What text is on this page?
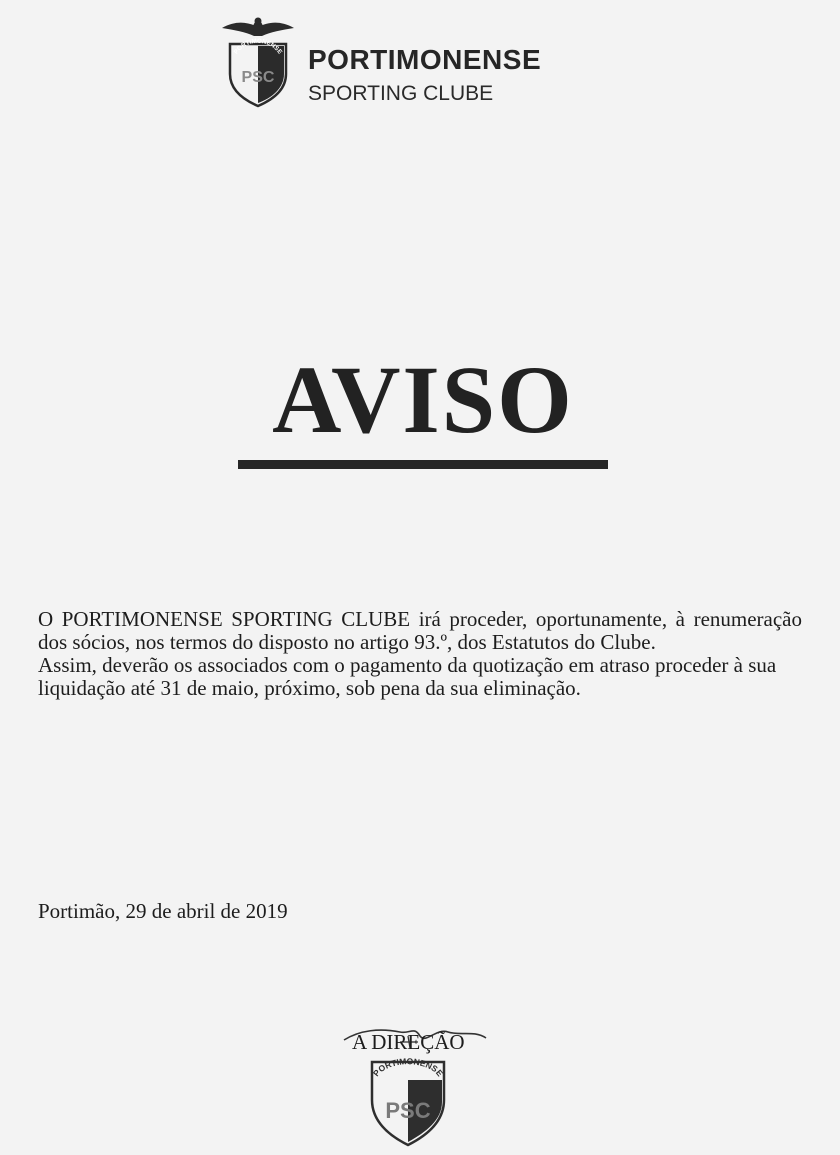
PORTIMONENSE
PSC
PORTIMONENSE
SPORTING CLUBE
AVISO

O PORTIMONENSE SPORTING CLUBE irá proceder, oportunamente, à renumeração dos sócios, nos termos do disposto no artigo 93.º, dos Estatutos do Clube.

Assim, deverão os associados com o pagamento da quotização em atraso proceder à sua liquidação até 31 de maio, próximo, sob pena da sua eliminação.

Portimão, 29 de abril de 2019
A DIREÇÃO
PORTIMONENSE
PSC
